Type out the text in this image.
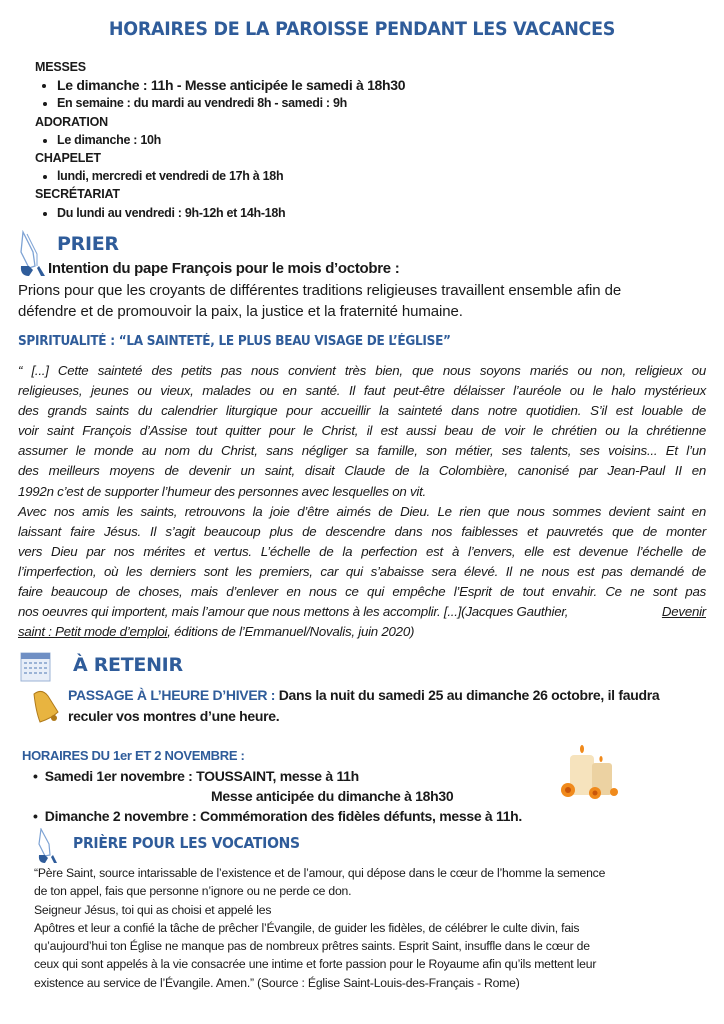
HORAIRES DE LA PAROISSE PENDANT LES VACANCES
MESSES
• Le dimanche : 11h - Messe anticipée le samedi à 18h30
• En semaine : du mardi au vendredi 8h - samedi : 9h
ADORATION
• Le dimanche : 10h
CHAPELET
• lundi, mercredi et vendredi de 17h à 18h
SECRÉTARIAT
• Du lundi au vendredi : 9h-12h et 14h-18h
PRIER
Intention du pape François pour le mois d’octobre :
Prions pour que les croyants de différentes traditions religieuses travaillent ensemble afin de
défendre et de promouvoir la paix, la justice et la fraternité humaine.
SPIRITUALITÉ : “LA SAINTETÉ, LE PLUS BEAU VISAGE DE L’ÉGLISE”
“ [...] Cette sainteté des petits pas nous convient très bien, que nous soyons mariés ou non, religieux ou
religieuses, jeunes ou vieux, malades ou en santé. Il faut peut-être délaisser l’auréole ou le halo mystérieux
des grands saints du calendrier liturgique pour accueillir la sainteté dans notre quotidien. S’il est louable de
voir saint François d’Assise tout quitter pour le Christ, il est aussi beau de voir le chrétien ou la chrétienne
assumer le monde au nom du Christ, sans négliger sa famille, son métier, ses talents, ses voisins... Et l’un
des meilleurs moyens de devenir un saint, disait Claude de la Colombière, canonisé par Jean-Paul II en
1992n c’est de supporter l’humeur des personnes avec lesquelles on vit.
Avec nos amis les saints, retrouvons la joie d’être aimés de Dieu. Le rien que nous sommes devient saint en
laissant faire Jésus. Il s’agit beaucoup plus de descendre dans nos faiblesses et pauvretés que de monter
vers Dieu par nos mérites et vertus. L’échelle de la perfection est à l’envers, elle est devenue l’échelle de
l’imperfection, où les derniers sont les premiers, car qui s’abaisse sera élevé. Il ne nous est pas demandé de
faire beaucoup de choses, mais d’enlever en nous ce qui empêche l’Esprit de tout envahir. Ce ne sont pas
nos oeuvres qui importent, mais l’amour que nous mettons à les accomplir. [...](Jacques Gauthier,	Devenir
saint : Petit mode d’emploi, éditions de l’Emmanuel/Novalis, juin 2020)
À RETENIR
PASSAGE À L’HEURE D’HIVER : Dans la nuit du samedi 25 au dimanche 26 octobre, il faudra
reculer vos montres d’une heure.
HORAIRES DU 1er ET 2 NOVEMBRE :
•  Samedi 1er novembre : TOUSSAINT, messe à 11h
Messe anticipée du dimanche à 18h30
•  Dimanche 2 novembre : Commémoration des fidèles défunts, messe à 11h.
PRIÈRE POUR LES VOCATIONS
“Père Saint, source intarissable de l’existence et de l’amour, qui dépose dans le cœur de l’homme la semence
de ton appel, fais que personne n’ignore ou ne perde ce don.
Seigneur Jésus, toi qui as choisi et appelé les
Apôtres et leur a confié la tâche de prêcher l’Évangile, de guider les fidèles, de célébrer le culte divin, fais
qu’aujourd’hui ton Église ne manque pas de nombreux prêtres saints. Esprit Saint, insuffle dans le cœur de
ceux qui sont appelés à la vie consacrée une intime et forte passion pour le Royaume afin qu’ils mettent leur
existence au service de l’Évangile. Amen.” (Source : Église Saint-Louis-des-Français - Rome)
